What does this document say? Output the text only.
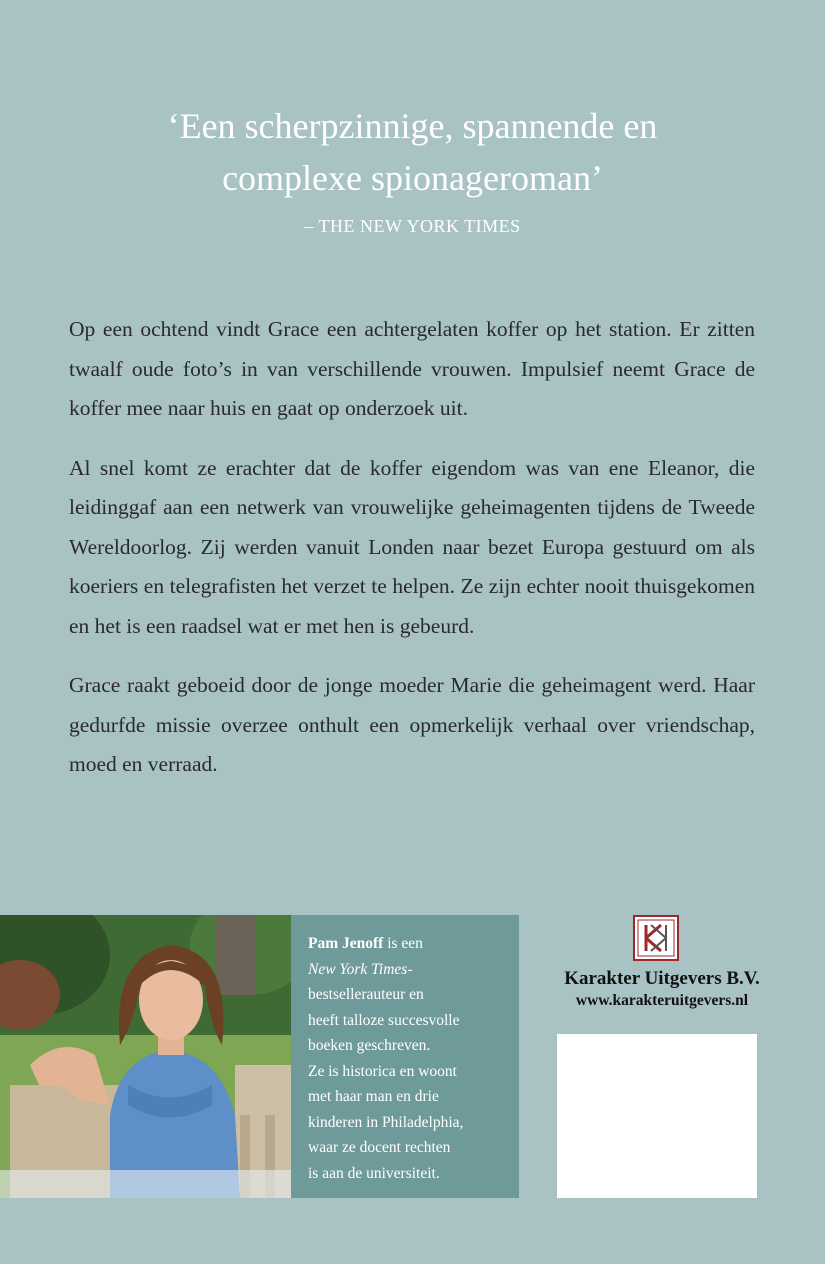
‘Een scherpzinnige, spannende en
complexe spionageroman’
– THE NEW YORK TIMES

Op een ochtend vindt Grace een achtergelaten koffer op het station. Er zitten twaalf oude foto’s in van verschillende vrouwen. Impulsief neemt Grace de koffer mee naar huis en gaat op onderzoek uit.

Al snel komt ze erachter dat de koffer eigendom was van ene Eleanor, die leidinggaf aan een netwerk van vrouwelijke geheimagenten tijdens de Tweede Wereldoorlog. Zij werden vanuit Londen naar bezet Europa gestuurd om als koeriers en telegrafisten het verzet te helpen. Ze zijn echter nooit thuisgekomen en het is een raadsel wat er met hen is gebeurd.

Grace raakt geboeid door de jonge moeder Marie die geheimagent werd. Haar gedurfde missie overzee onthult een opmerkelijk verhaal over vriendschap, moed en verraad.

Pam Jenoff is een
New York Times-
bestsellerauteur en
heeft talloze succesvolle
boeken geschreven.
Ze is historica en woont
met haar man en drie
kinderen in Philadelphia,
waar ze docent rechten
is aan de universiteit.
Karakter Uitgevers B.V.
www.karakteruitgevers.nl
